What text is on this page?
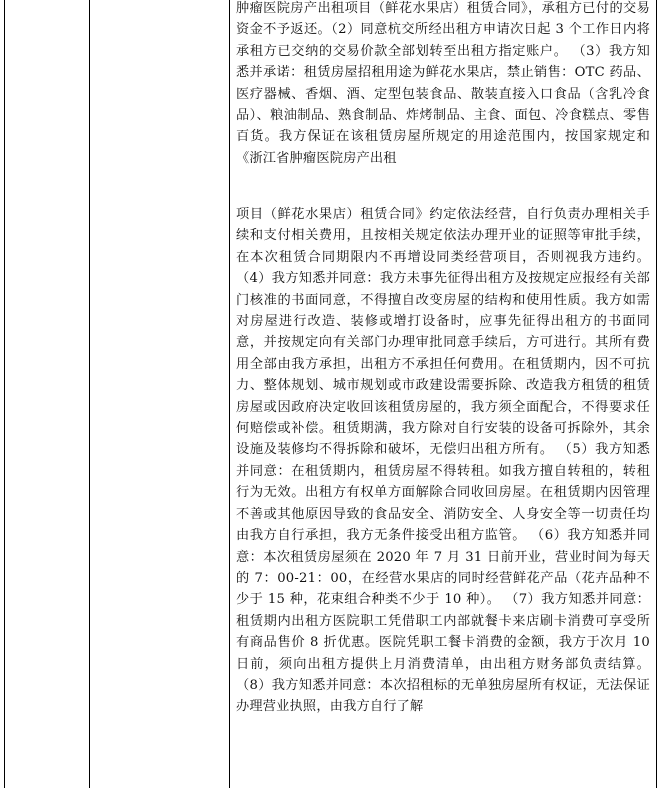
肿瘤医院房产出租项目（鲜花水果店）租赁合同》，承租方已付的交易资金不予返还。（2）同意杭交所经出租方申请次日起 3 个工作日内将承租方已交纳的交易价款全部划转至出租方指定账户。 （3）我方知悉并承诺：租赁房屋招租用途为鲜花水果店，禁止销售：OTC 药品、医疗器械、香烟、酒、定型包装食品、散装直接入口食品（含乳冷食品）、粮油制品、熟食制品、炸烤制品、主食、面包、冷食糕点、零售百货。我方保证在该租赁房屋所规定的用途范围内，按国家规定和《浙江省肿瘤医院房产出租

项目（鲜花水果店）租赁合同》约定依法经营，自行负责办理相关手续和支付相关费用，且按相关规定依法办理开业的证照等审批手续，在本次租赁合同期限内不再增设同类经营项目，否则视我方违约。 （4）我方知悉并同意：我方未事先征得出租方及按规定应报经有关部门核准的书面同意，不得擅自改变房屋的结构和使用性质。我方如需对房屋进行改造、装修或增打设备时，应事先征得出租方的书面同意，并按规定向有关部门办理审批同意手续后，方可进行。其所有费用全部由我方承担，出租方不承担任何费用。在租赁期内，因不可抗力、整体规划、城市规划或市政建设需要拆除、改造我方租赁的租赁房屋或因政府决定收回该租赁房屋的，我方须全面配合，不得要求任何赔偿或补偿。租赁期满，我方除对自行安装的设备可拆除外，其余设施及装修均不得拆除和破坏，无偿归出租方所有。 （5）我方知悉并同意：在租赁期内，租赁房屋不得转租。如我方擅自转租的，转租行为无效。出租方有权单方面解除合同收回房屋。在租赁期内因管理不善或其他原因导致的食品安全、消防安全、人身安全等一切责任均由我方自行承担，我方无条件接受出租方监管。 （6）我方知悉并同意：本次租赁房屋须在 2020 年 7 月 31 日前开业，营业时间为每天的 7：00-21：00，在经营水果店的同时经营鲜花产品（花卉品种不少于 15 种，花束组合种类不少于 10 种）。 （7）我方知悉并同意：租赁期内出租方医院职工凭借职工内部就餐卡来店刷卡消费可享受所有商品售价 8 折优惠。医院凭职工餐卡消费的金额，我方于次月 10 日前，须向出租方提供上月消费清单，由出租方财务部负责结算。 （8）我方知悉并同意：本次招租标的无单独房屋所有权证，无法保证办理营业执照，由我方自行了解
